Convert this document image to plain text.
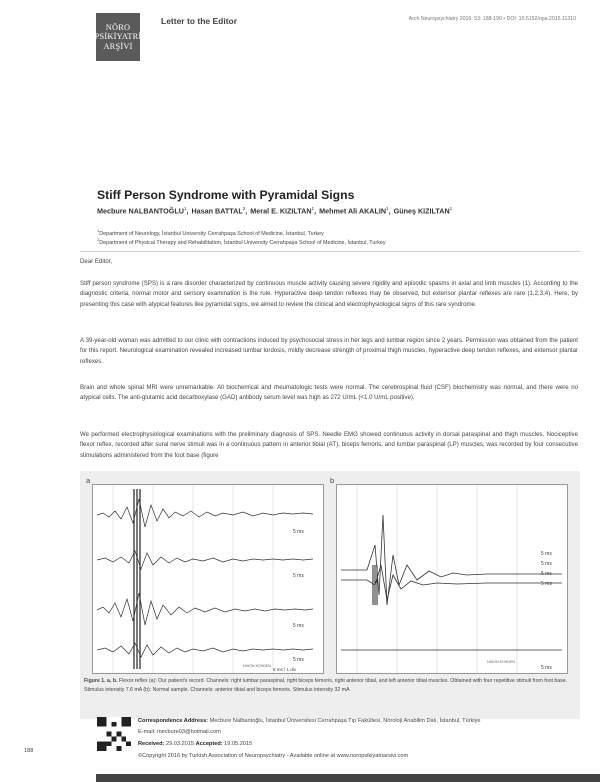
NÖRO
PSİKİYATRİ
ARŞİVİ
Letter to the Editor	Arch Neuropsychiatry 2016; 53: 188-190 • DOI: 10.5152/npa.2015.11310
Stiff Person Syndrome with Pyramidal Signs
Mecbure NALBANTOĞLU$^1$, Hasan BATTAL$^2$, Meral E. KIZILTAN$^1$, Mehmet Ali AKALIN$^1$, Güneş KIZILTAN$^1$
$^1$Department of Neurology, İstanbul University Cerrahpaşa School of Medicine, İstanbul, Turkey
$^2$Department of Physical Therapy and Rehabilitation, İstanbul University Cerrahpaşa School of Medicine, İstanbul, Turkey
Dear Editor,
Stiff person syndrome (SPS) is a rare disorder characterized by continuous muscle activity causing severe rigidity and episodic spasms in axial and limb muscles (1). According to the diagnostic criteria, normal motor and sensory examination is the rule. Hyperactive deep tendon reflexes may be observed, but extensor plantar reflexes are rare (1,2,3,4). Here, by presenting this case with atypical features like pyramidal signs, we aimed to review the clinical and electrophysiological signs of this rare syndrome.
A 39-year-old woman was admitted to our clinic with contractions induced by psychosocial stress in her legs and lumbar region since 2 years. Permission was obtained from the patient for this report. Neurological examination revealed increased lumbar lordosis, mildly decrease strength of proximal thigh muscles, hyperactive deep tendon reflexes, and extensor plantar reflexes.
Brain and whole spinal MRI were unremarkable. All biochemical and rheumatologic tests were normal. The cerebrospinal fluid (CSF) biochemistry was normal, and there were no atypical cells. The anti-glutamic acid decarboxylase (GAD) antibody serum level was high as 272 U/mL (<1.0 U/mL positive).
We performed electrophysiological examinations with the preliminary diagnosis of SPS. Needle EMG showed continuous activity in dorsal paraspinal and thigh muscles. Nociceptive flexor reflex, recorded after sural nerve stimuli was in a continuous pattern in anterior tibial (AT), biceps femoris, and lumbar paraspinal (LP) muscles, was recorded by four consecutive stimulations administered from the foot base (figure
5 ms
5 ms
5 ms
5 ms
5 ms / 1 div
NIHON KOHDEN
5 ms
5 ms
5 ms
5 ms
5 ms
NIHON KOHDEN
a	b
Figure 1. a, b. Flexor reflex (a): Our patient's record. Channels: right lumbar paraspinal, right biceps femoris, right anterior tibial, and left anterior tibial muscles. Obtained with four repetitive stimuli from foot base. Stimulus intensity 7.6 mA (b): Normal sample. Channels: anterior tibial and biceps femoris. Stimulus intensity 32 mA
Correspondence Address: Mecbure Nalbantoğlu, İstanbul Üniversitesi Cerrahpaşa Tıp Fakültesi, Nöroloji Anabilim Dalı, İstanbul, Türkiye
E-mail: mecbure03@hotmail.com
Received: 29.03.2015 Accepted: 19.05.2015
©Copyright 2016 by Turkish Association of Neuropsychiatry - Available online at www.noropsikiyatriarsivi.com
188
